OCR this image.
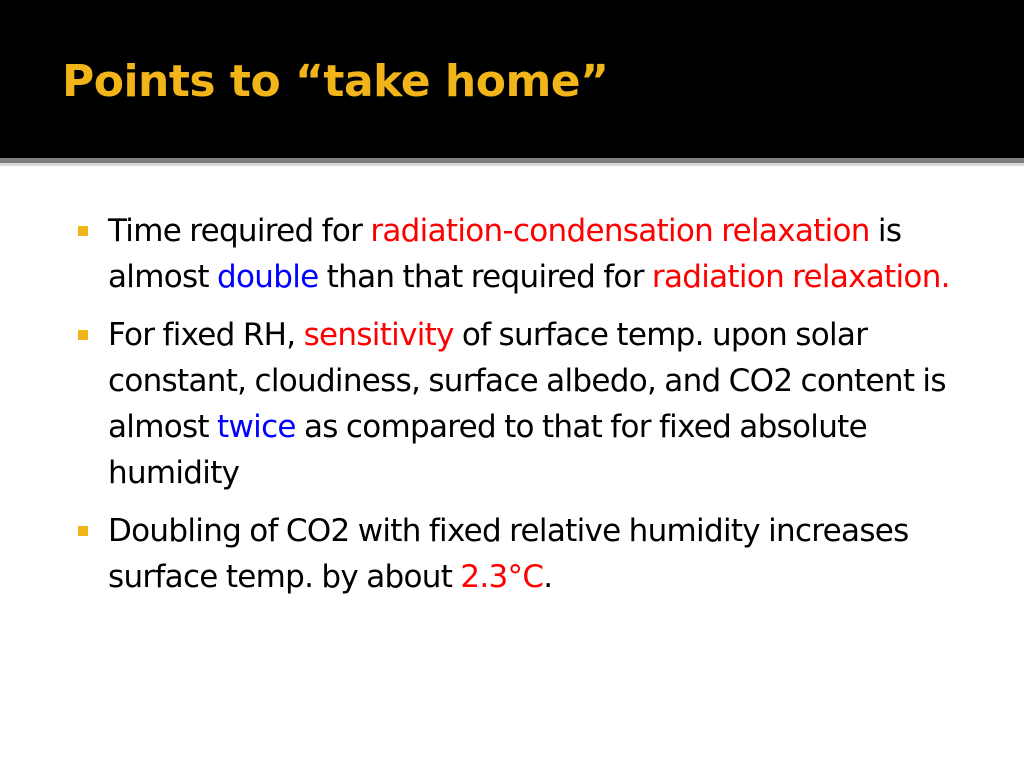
Points to “take home”
Time required for radiation-condensation relaxation is almost double than that required for radiation relaxation.
For fixed RH, sensitivity of surface temp. upon solar constant, cloudiness, surface albedo, and CO2 content is almost twice as compared to that for fixed absolute humidity
Doubling of CO2 with fixed relative humidity increases surface temp. by about 2.3°C.
